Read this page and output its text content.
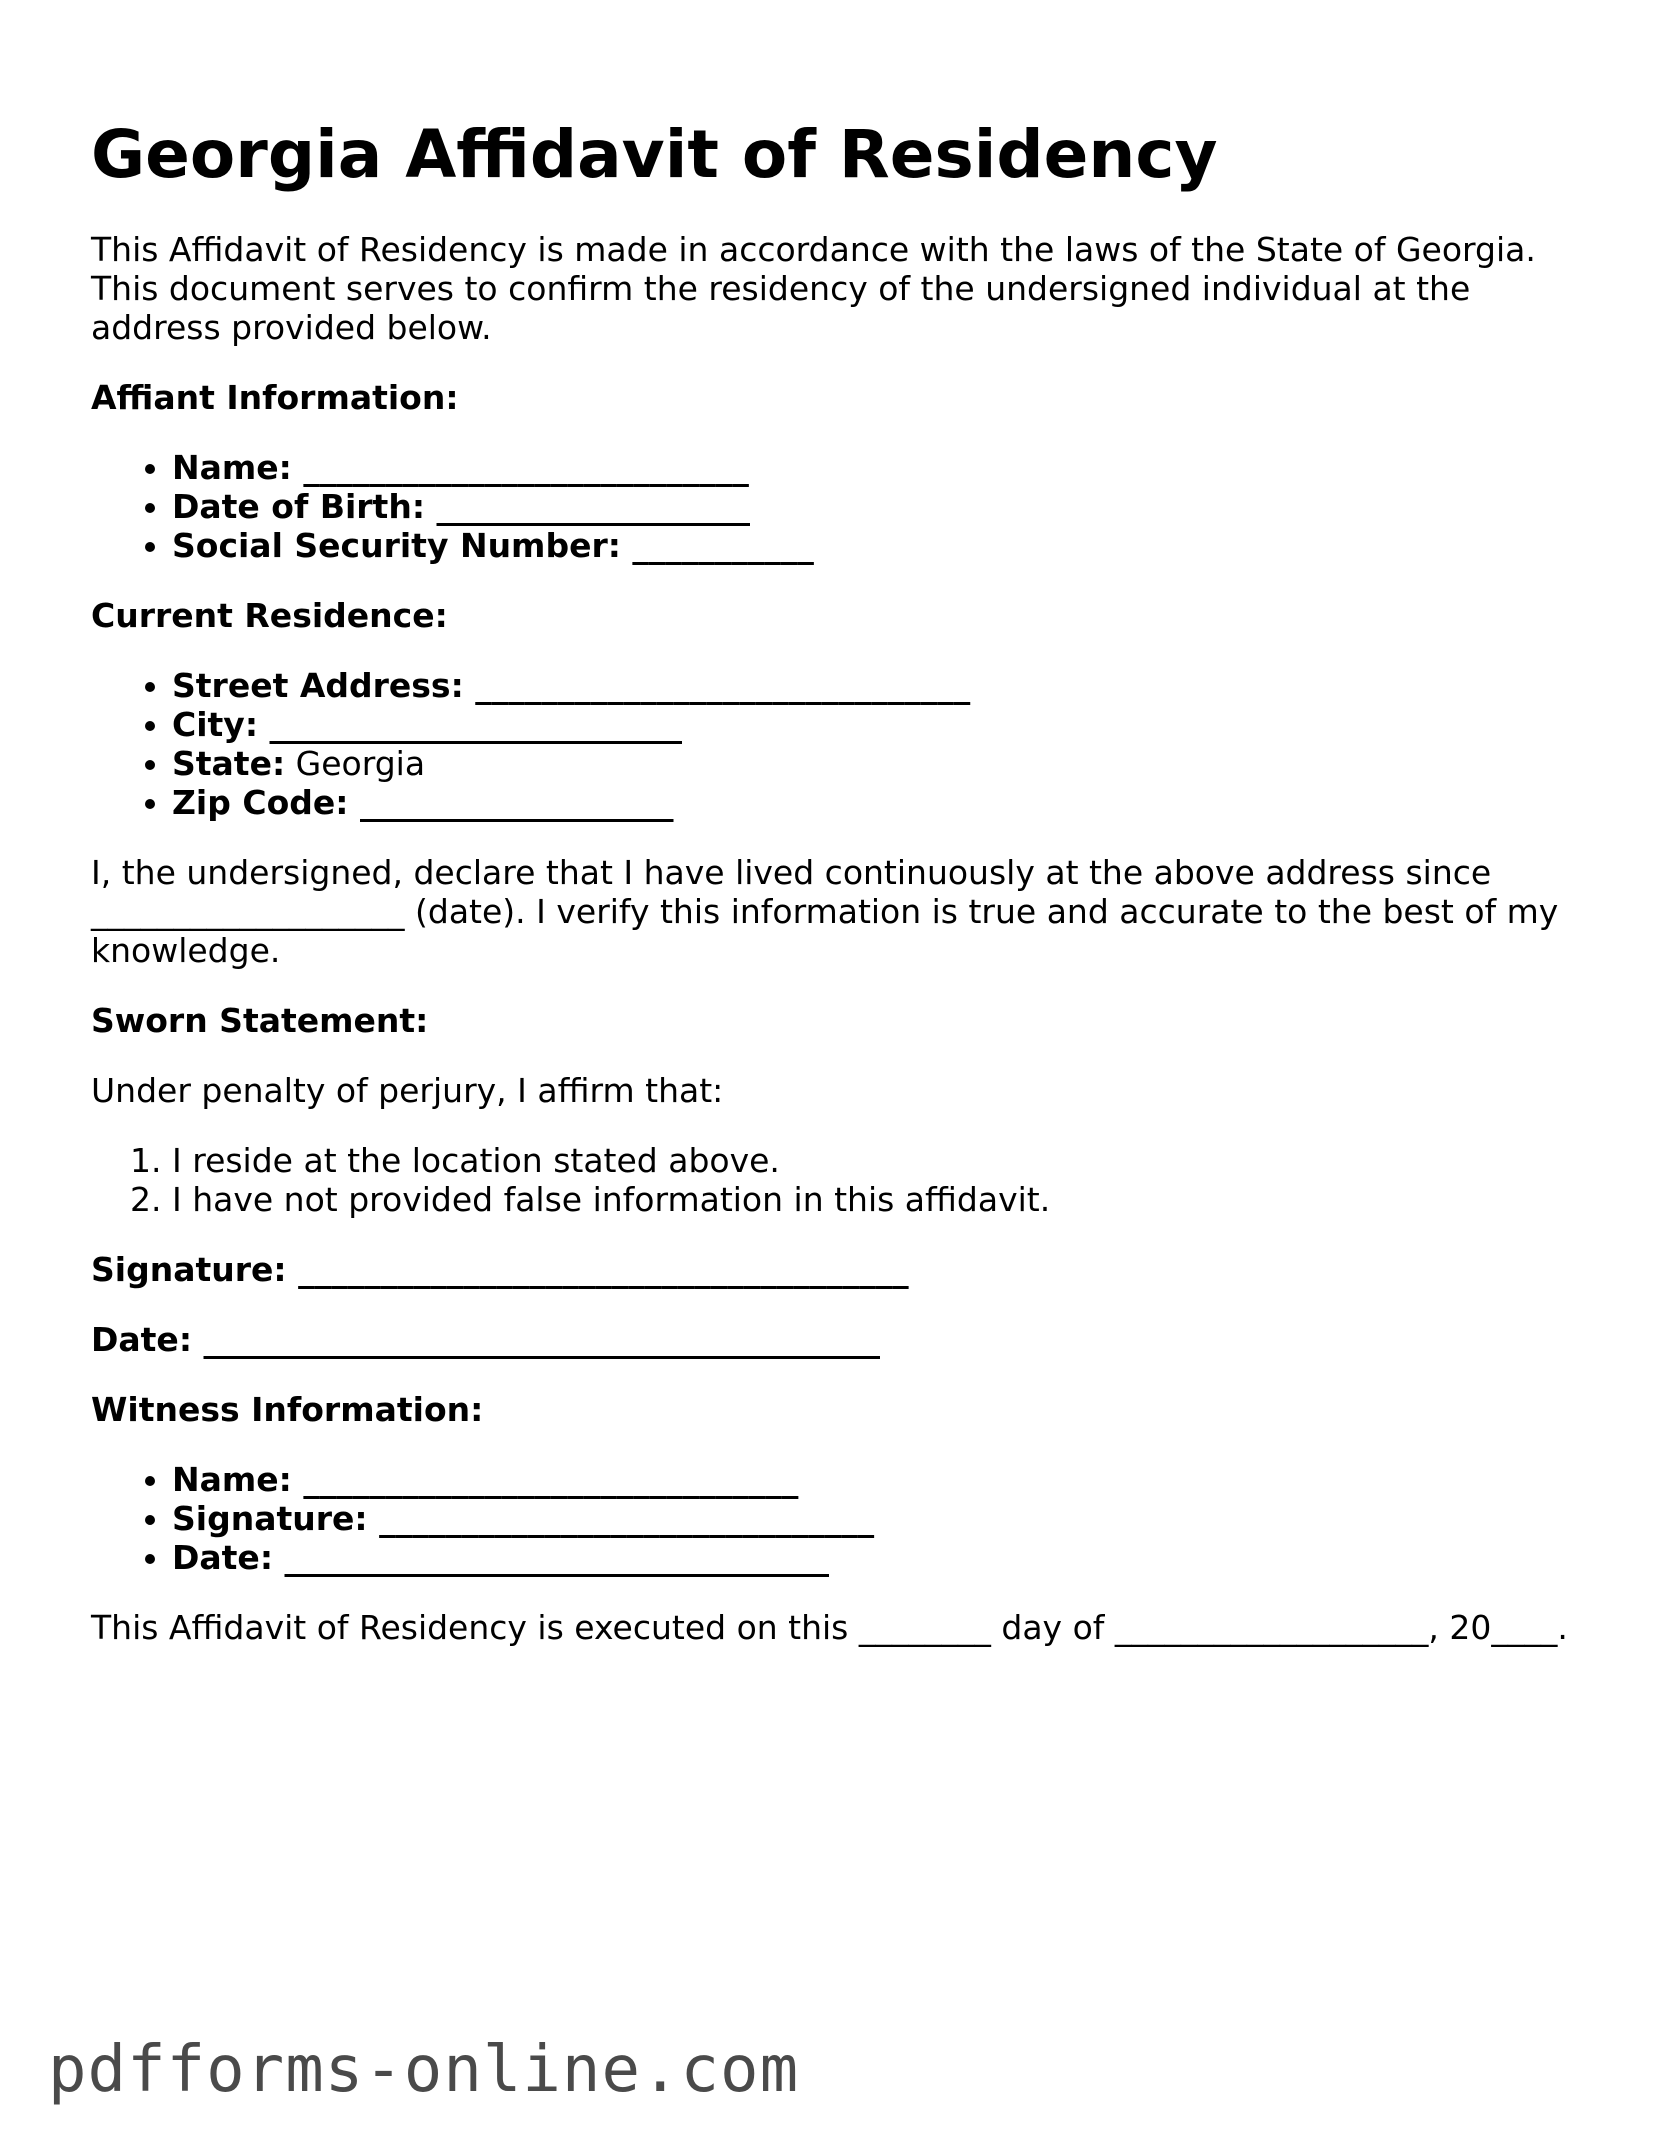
Georgia Affidavit of Residency

This Affidavit of Residency is made in accordance with the laws of the State of Georgia. This document serves to confirm the residency of the undersigned individual at the address provided below.

Affiant Information:

• Name: ___________________________
• Date of Birth: ___________________
• Social Security Number: ___________

Current Residence:

• Street Address: ______________________________
• City: _________________________
• State: Georgia
• Zip Code: ___________________

I, the undersigned, declare that I have lived continuously at the above address since ___________________ (date). I verify this information is true and accurate to the best of my knowledge.

Sworn Statement:

Under penalty of perjury, I affirm that:

1. I reside at the location stated above.
2. I have not provided false information in this affidavit.

Signature: _____________________________________

Date: _________________________________________

Witness Information:

• Name: ______________________________
• Signature: ______________________________
• Date: _________________________________

This Affidavit of Residency is executed on this ________ day of ___________________, 20____.

pdfforms-online.com
